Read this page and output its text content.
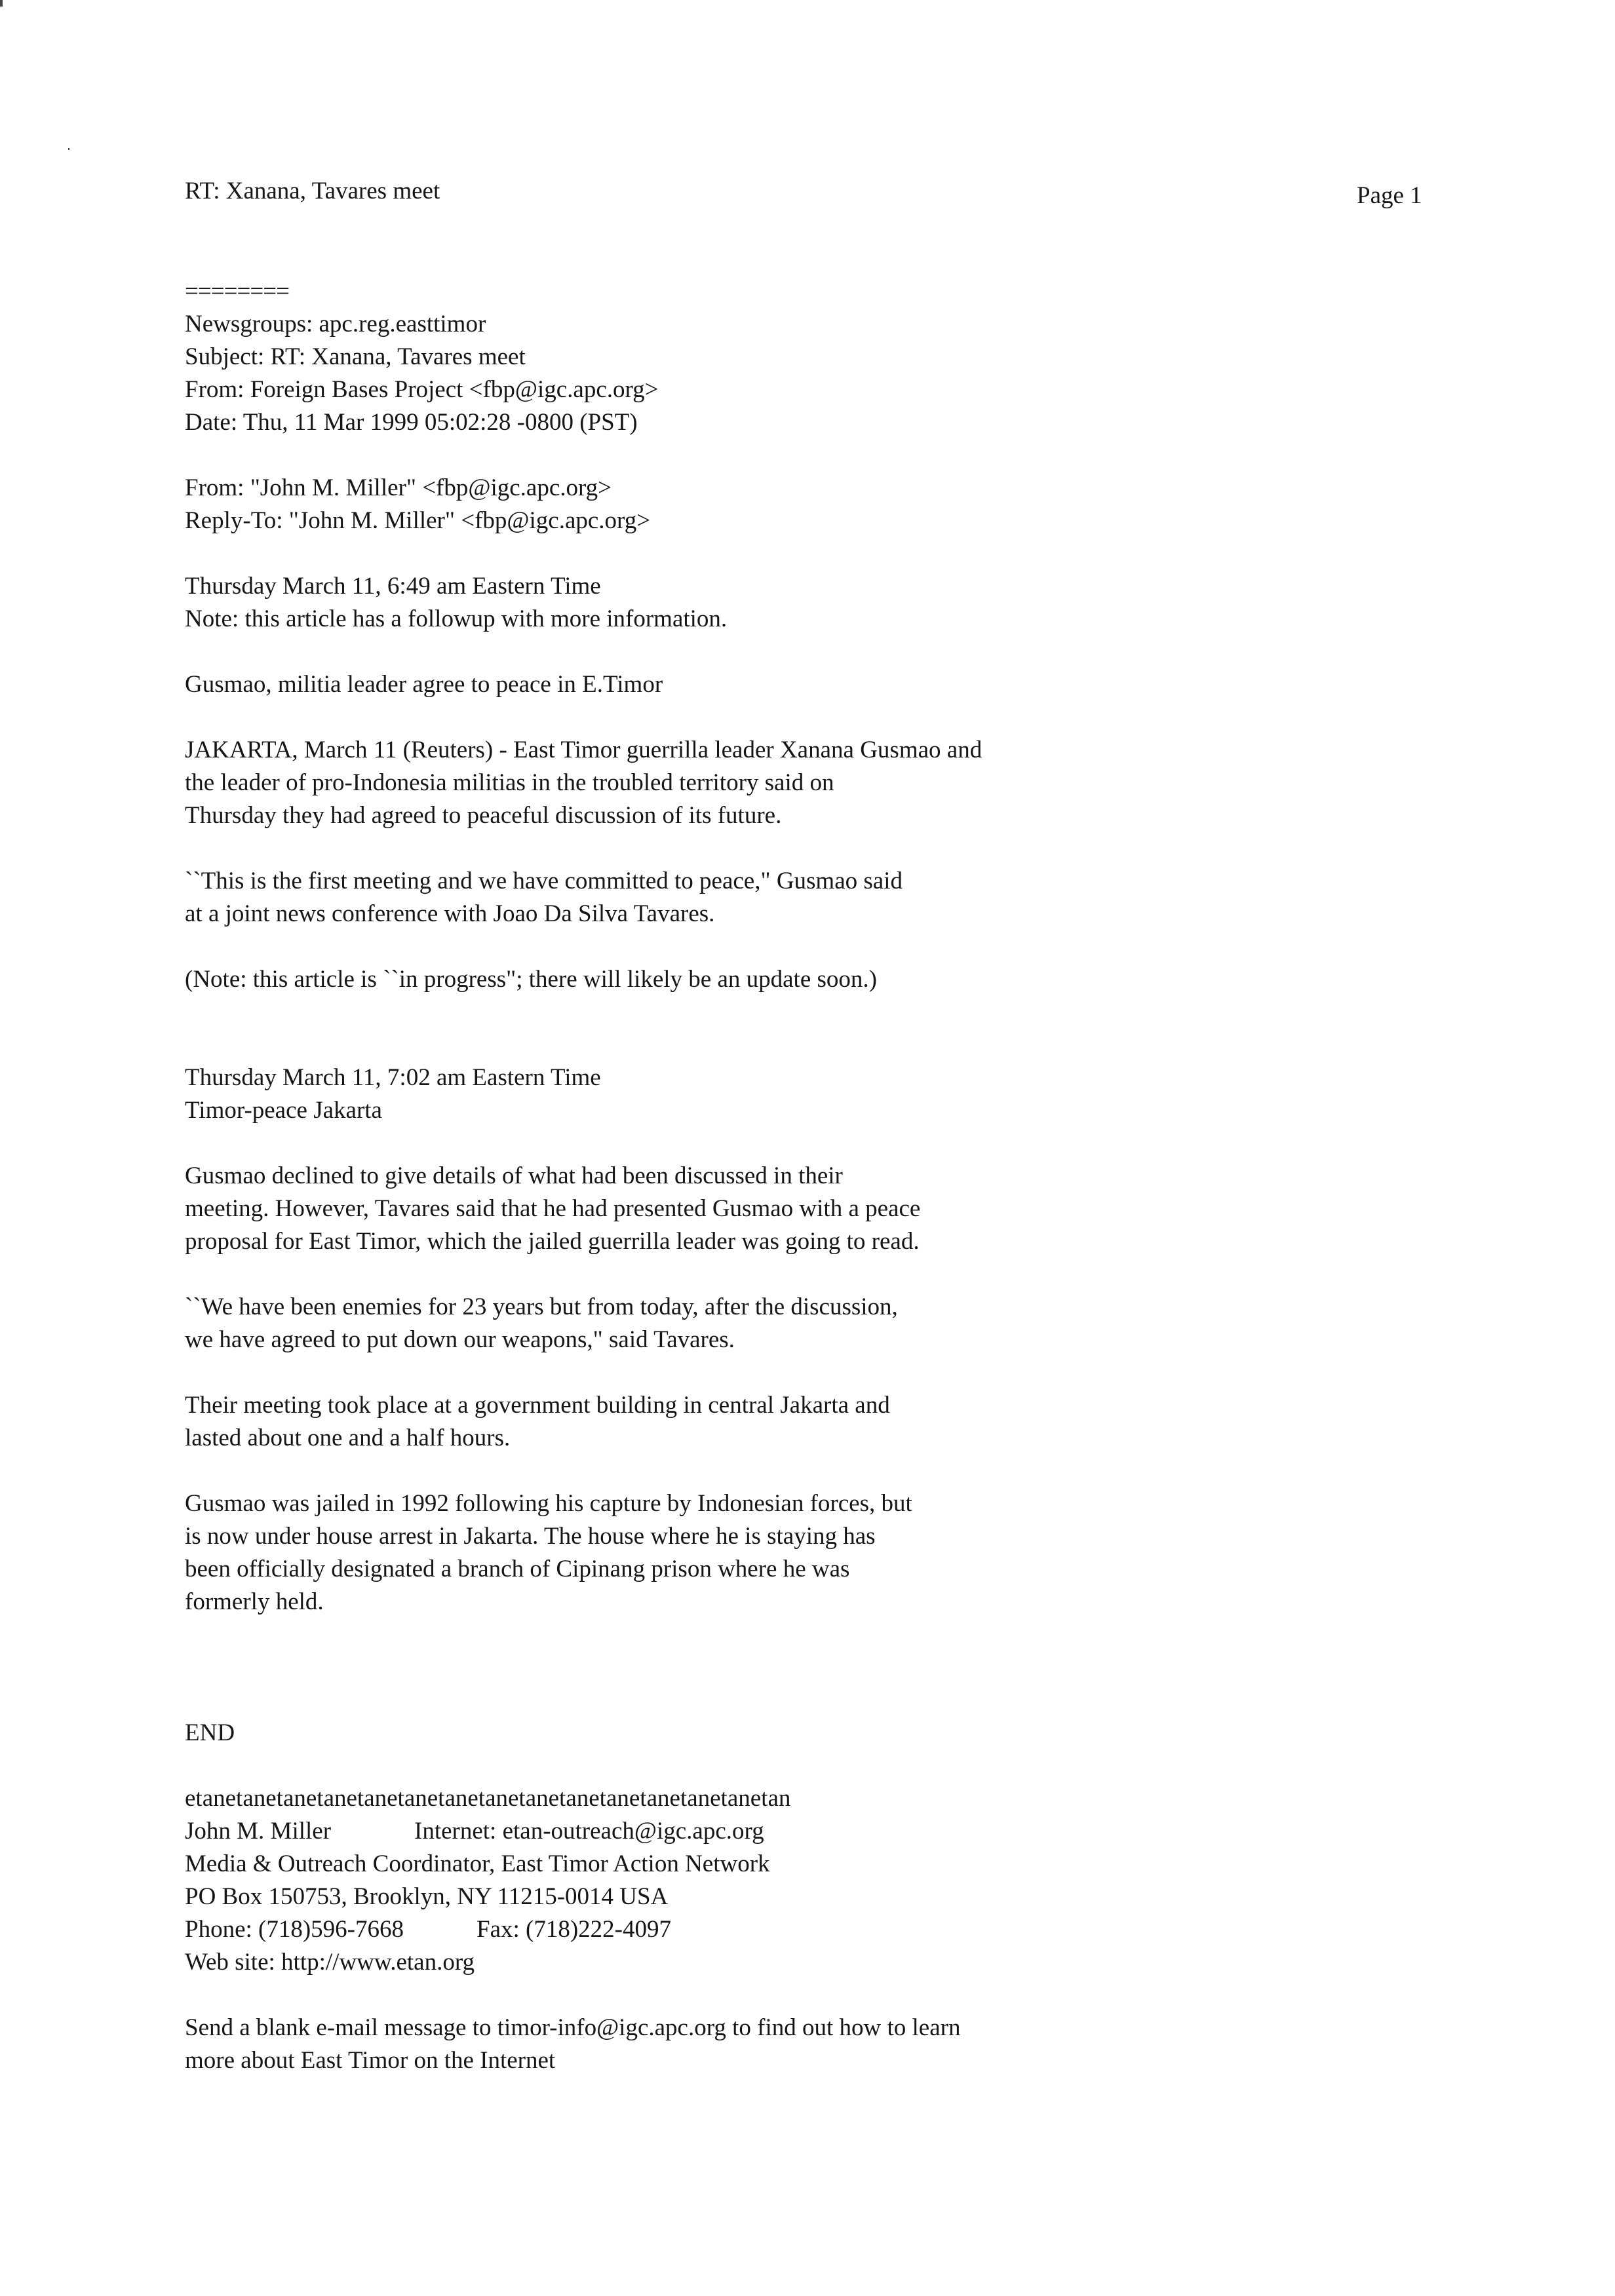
RT: Xanana, Tavares meet	Page 1
========
Newsgroups: apc.reg.easttimor
Subject: RT: Xanana, Tavares meet
From: Foreign Bases Project <fbp@igc.apc.org>
Date: Thu, 11 Mar 1999 05:02:28 -0800 (PST)
From: "John M. Miller" <fbp@igc.apc.org>
Reply-To: "John M. Miller" <fbp@igc.apc.org>
Thursday March 11, 6:49 am Eastern Time
Note: this article has a followup with more information.
Gusmao, militia leader agree to peace in E.Timor
JAKARTA, March 11 (Reuters) - East Timor guerrilla leader Xanana Gusmao and
the leader of pro-Indonesia militias in the troubled territory said on
Thursday they had agreed to peaceful discussion of its future.
``This is the first meeting and we have committed to peace," Gusmao said
at a joint news conference with Joao Da Silva Tavares.
(Note: this article is ``in progress"; there will likely be an update soon.)
Thursday March 11, 7:02 am Eastern Time
Timor-peace Jakarta
Gusmao declined to give details of what had been discussed in their
meeting. However, Tavares said that he had presented Gusmao with a peace
proposal for East Timor, which the jailed guerrilla leader was going to read.
``We have been enemies for 23 years but from today, after the discussion,
we have agreed to put down our weapons," said Tavares.
Their meeting took place at a government building in central Jakarta and
lasted about one and a half hours.
Gusmao was jailed in 1992 following his capture by Indonesian forces, but
is now under house arrest in Jakarta. The house where he is staying has
been officially designated a branch of Cipinang prison where he was
formerly held.
END
etanetanetanetanetanetanetanetanetanetanetanetanetanetanetan
John M. Miller	Internet: etan-outreach@igc.apc.org
Media & Outreach Coordinator, East Timor Action Network
PO Box 150753, Brooklyn, NY 11215-0014 USA
Phone: (718)596-7668	Fax: (718)222-4097
Web site: http://www.etan.org
Send a blank e-mail message to timor-info@igc.apc.org to find out how to learn
more about East Timor on the Internet
